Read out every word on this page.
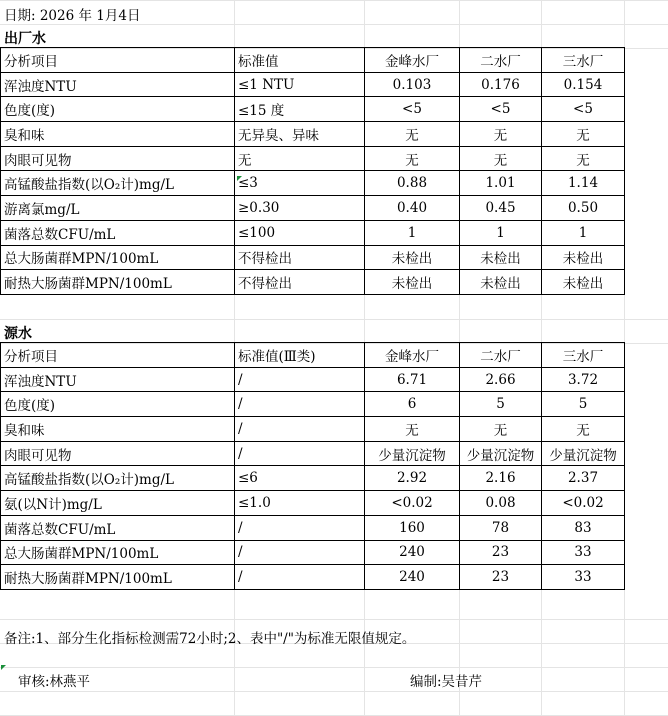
日期: 2026 年 1月4日
出厂水
分析项目	标准值	金峰水厂	二水厂	三水厂
浑浊度NTU	≤1 NTU	0.103	0.176	0.154
色度(度)	≤15 度	<5	<5	<5
臭和味	无异臭、异味	无	无	无
肉眼可见物	无	无	无	无
高锰酸盐指数(以O₂计)mg/L	≤3	0.88	1.01	1.14
游离氯mg/L	≥0.30	0.40	0.45	0.50
菌落总数CFU/mL	≤100	1	1	1
总大肠菌群MPN/100mL	不得检出	未检出	未检出	未检出
耐热大肠菌群MPN/100mL	不得检出	未检出	未检出	未检出
源水
分析项目	标准值(Ⅲ类)	金峰水厂	二水厂	三水厂
浑浊度NTU	/	6.71	2.66	3.72
色度(度)	/	6	5	5
臭和味	/	无	无	无
肉眼可见物	/	少量沉淀物	少量沉淀物	少量沉淀物
高锰酸盐指数(以O₂计)mg/L	≤6	2.92	2.16	2.37
氨(以N计)mg/L	≤1.0	<0.02	0.08	<0.02
菌落总数CFU/mL	/	160	78	83
总大肠菌群MPN/100mL	/	240	23	33
耐热大肠菌群MPN/100mL	/	240	23	33
备注:1、部分生化指标检测需72小时;2、表中"/"为标准无限值规定。
审核:林燕平	编制:吴昔芹
